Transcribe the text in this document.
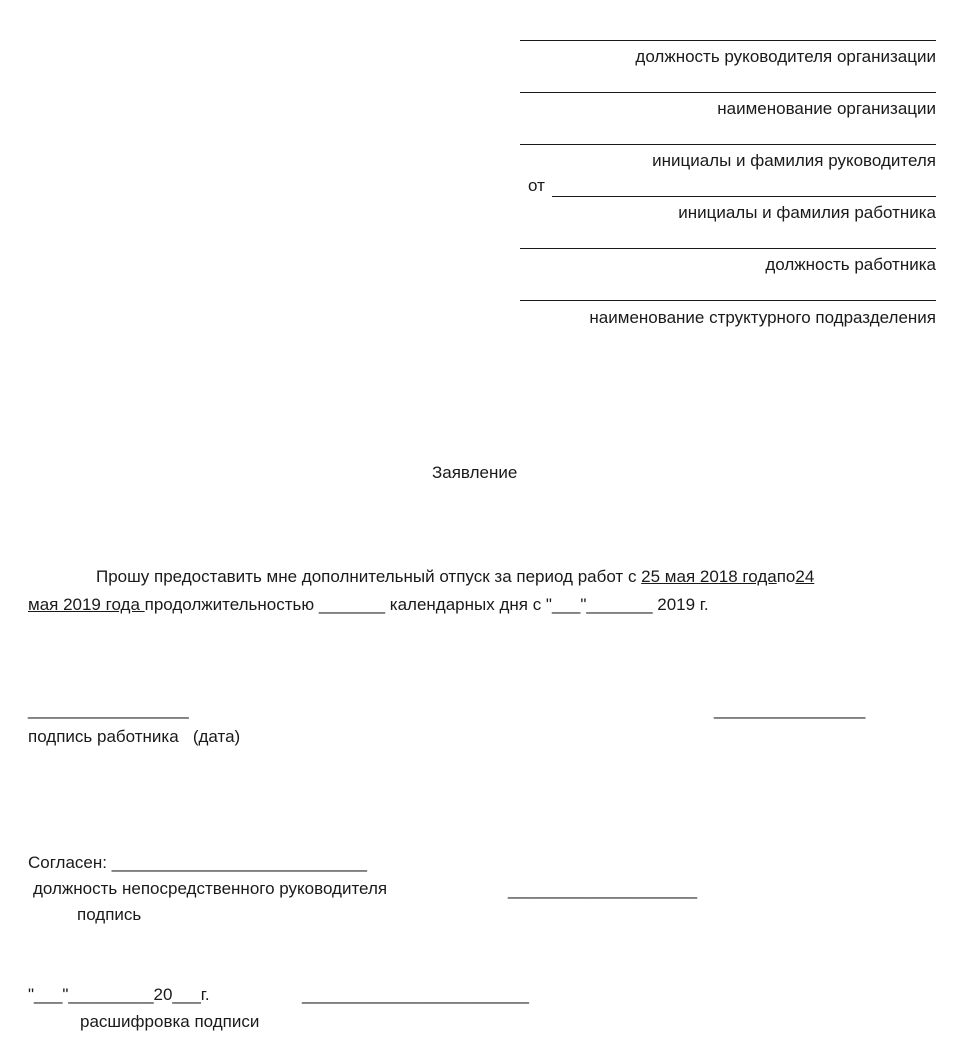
должность руководителя организации
наименование организации
инициалы и фамилия руководителя
от
инициалы и фамилия работника
должность работника
наименование структурного подразделения
Заявление
Прошу предоставить мне дополнительный отпуск за период работ с 25 мая 2018 годапо24
мая 2019 года продолжительностью _______ календарных дня с "___"_______ 2019 г.
_________________	________________
подпись работника   (дата)
Согласен: ___________________________
должность непосредственного руководителя	____________________
подпись
"___"_________20___г.	________________________
расшифровка подписи
